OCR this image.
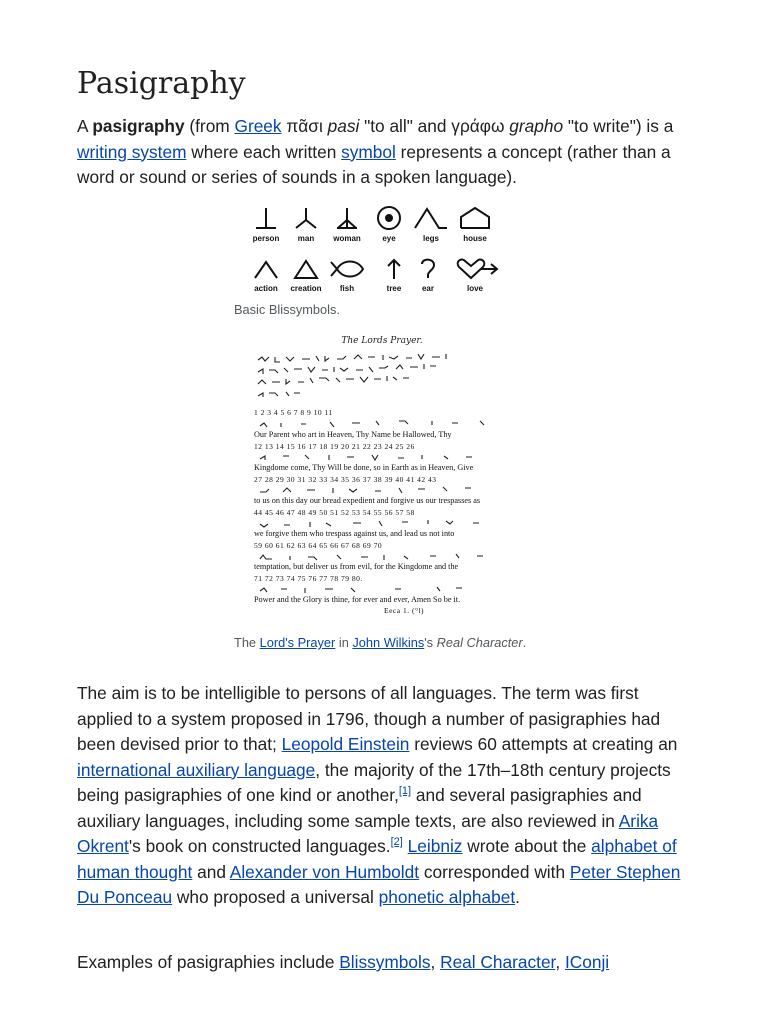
Pasigraphy

A pasigraphy (from Greek πᾶσι pasi "to all" and γράφω grapho "to write") is a writing system where each written symbol represents a concept (rather than a word or sound or series of sounds in a spoken language).

person	man	woman	eye	legs	house
action	creation	fish	tree	ear	love
Basic Blissymbols.
The Lords Prayer.
1 2 3 4 5 6 7 8 9 10 11
Our Parent who art in Heaven, Thy Name be Hallowed, Thy
12 13 14 15 16 17 18 19 20 21 22 23 24 25 26
Kingdome come, Thy Will be done, so in Earth as in Heaven, Give
27 28 29 30 31 32 33 34 35 36 37 38 39 40 41 42 43
to us on this day our bread expedient and forgive us our trespasses as
44 45 46 47 48 49 50 51 52 53 54 55 56 57 58
we forgive them who trespass against us, and lead us not into
59 60 61 62 63 64 65 66 67 68 69 70
temptation, but deliver us from evil, for the Kingdome and the
71 72 73 74 75 76 77 78 79 80.
Power and the Glory is thine, for ever and ever, Amen So be it.
Eeca 1. (°l)
The Lord's Prayer in John Wilkins's Real Character.

The aim is to be intelligible to persons of all languages. The term was first applied to a system proposed in 1796, though a number of pasigraphies had been devised prior to that; Leopold Einstein reviews 60 attempts at creating an international auxiliary language, the majority of the 17th–18th century projects being pasigraphies of one kind or another,[1] and several pasigraphies and auxiliary languages, including some sample texts, are also reviewed in Arika Okrent's book on constructed languages.[2] Leibniz wrote about the alphabet of human thought and Alexander von Humboldt corresponded with Peter Stephen Du Ponceau who proposed a universal phonetic alphabet.

Examples of pasigraphies include Blissymbols, Real Character, IConji
